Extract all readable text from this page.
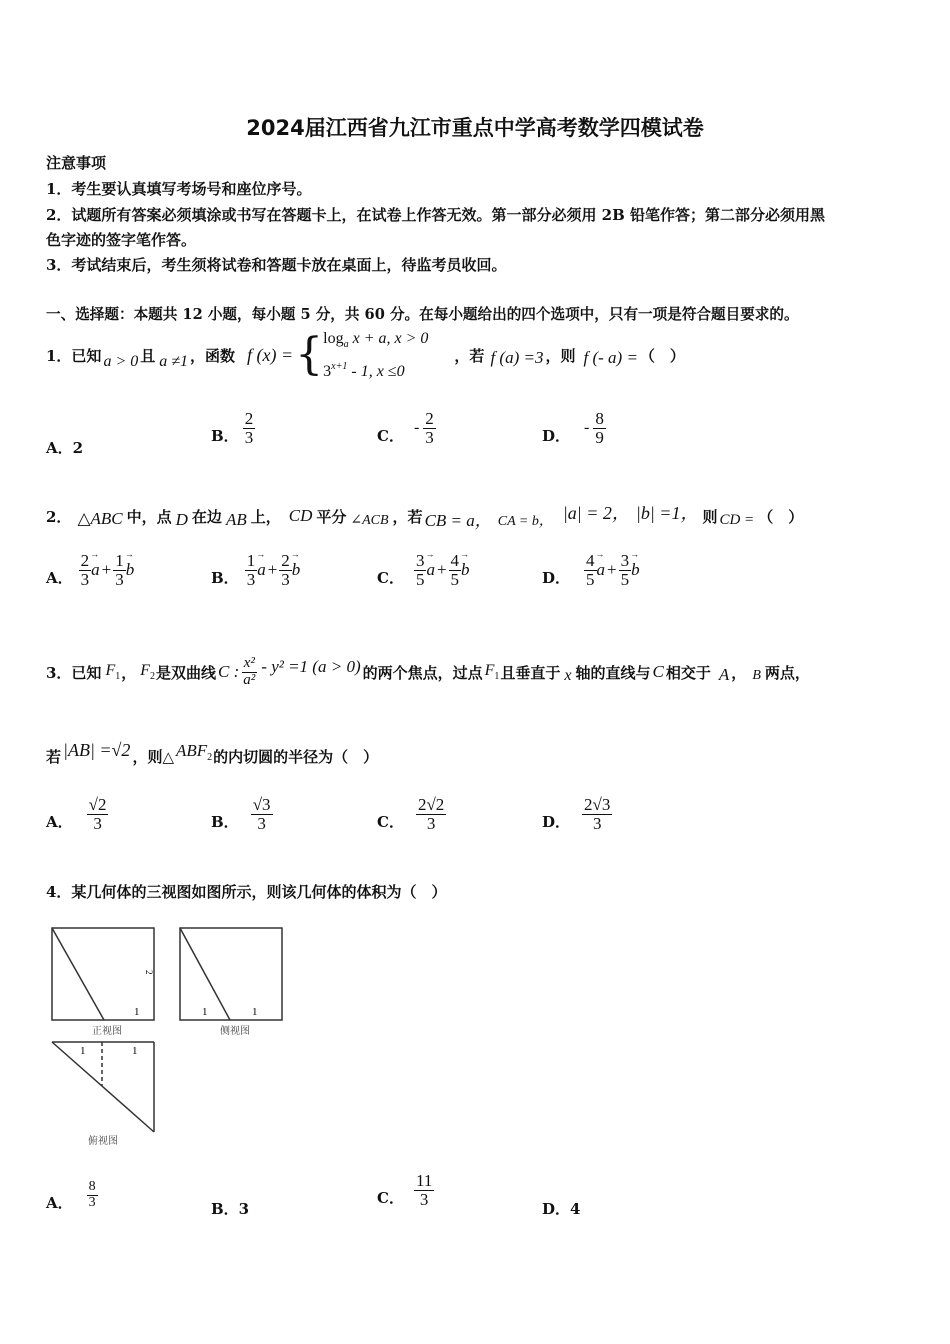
2024届江西省九江市重点中学高考数学四模试卷
注意事项
1．考生要认真填写考场号和座位序号。
2．试题所有答案必须填涂或书写在答题卡上，在试卷上作答无效。第一部分必须用 2B 铅笔作答；第二部分必须用黑
色字迹的签字笔作答。
3．考试结束后，考生须将试卷和答题卡放在桌面上，待监考员收回。
一、选择题：本题共 12 小题，每小题 5 分，共 60 分。在每小题给出的四个选项中，只有一项是符合题目要求的。
1．已知 a > 0 且 a ≠1 ，函数 f (x) = { $\log_a x + a$, x > 0
$3^{x+1} - 1$, x ≤0
，若 f (a) =3 ，则 f (- a) = （　）
A．2
B． $\frac{2}{3}$	C． - $\frac{2}{3}$	D． - $\frac{8}{9}$
2． △ABC 中，点 D 在边 AB 上， CD 平分 ∠ACB ，若 CB = a， CA = b， |a| = 2， |b| =1， 则 CD = （　）
A． $\frac{2}{3}$
→ $a + \frac{1}{3}$
→ b	B． $\frac{1}{3}$
→ $a + \frac{2}{3}$
→ b	C． $\frac{3}{5}$
→ $a + \frac{4}{5}$
→ b	D． $\frac{4}{5}$
→ $a + \frac{3}{5}$
→ b
3．已知 $F_1$ ， $F_2$ 是双曲线 C : $\frac{\text{x²}}{\text{a²}} - y^2 =1$ (a > 0) 的两个焦点，过点 $F_1$ 且垂直于 x 轴的直线与 C 相交于 A ， B 两点，
若 |AB| =√2 ，则△ $ABF_2$ 的内切圆的半径为（　）
A． $\frac{√2}{3}$	B． $\frac{√3}{3}$	C． $\frac{2√2}{3}$	D． $\frac{2√3}{3}$
4．某几何体的三视图如图所示，则该几何体的体积为（　）
1
2
正视图
1	1
侧视图
1	1
俯视图
A． $\frac{8}{3}$	B．3
C． $\frac{11}{3}$
D．4
